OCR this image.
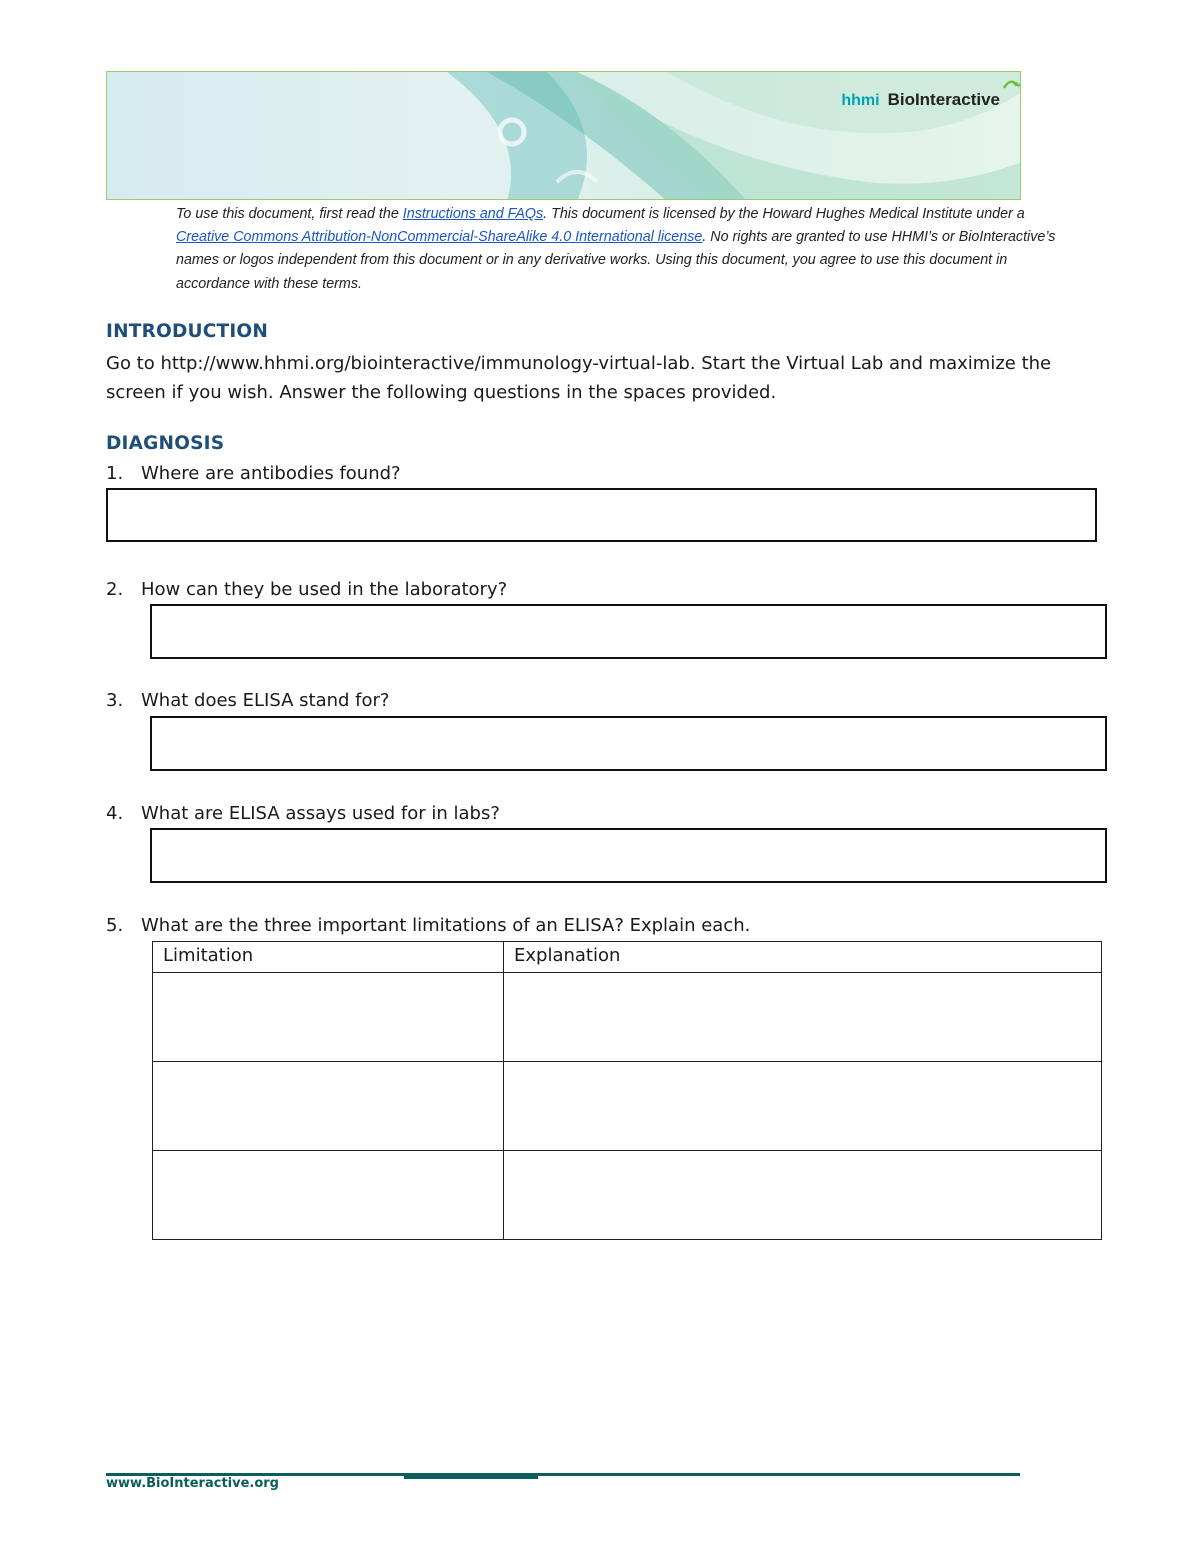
hhmi BioInteractive
To use this document, first read the Instructions and FAQs. This document is licensed by the Howard Hughes Medical Institute under a Creative Commons Attribution-NonCommercial-ShareAlike 4.0 International license. No rights are granted to use HHMI’s or BioInteractive’s names or logos independent from this document or in any derivative works. Using this document, you agree to use this document in accordance with these terms.
INTRODUCTION
Go to http://www.hhmi.org/biointeractive/immunology-virtual-lab. Start the Virtual Lab and maximize the screen if you wish. Answer the following questions in the spaces provided.
DIAGNOSIS
1. Where are antibodies found?
2. How can they be used in the laboratory?
3. What does ELISA stand for?
4. What are ELISA assays used for in labs?
5. What are the three important limitations of an ELISA? Explain each.
Limitation	Explanation

www.BioInteractive.org
